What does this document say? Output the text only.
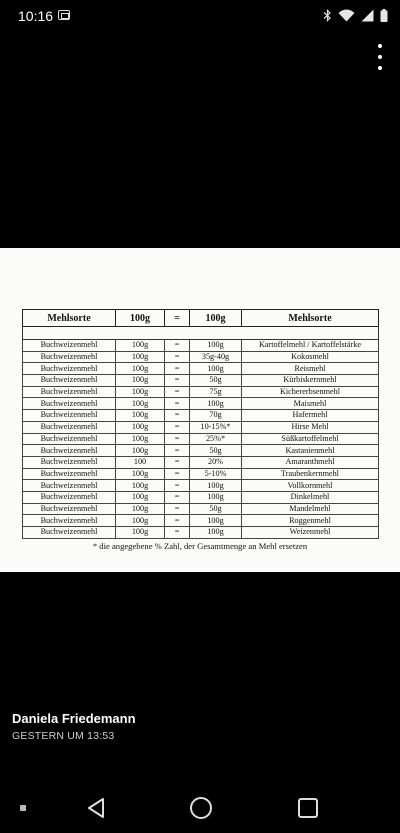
10:16
Mehlsorte	100g	=	100g	Mehlsorte

Buchweizenmehl	100g	=	100g	Kartoffelmehl / Kartoffelstärke
Buchweizenmehl	100g	=	35g-40g	Kokosmehl
Buchweizenmehl	100g	=	100g	Reismehl
Buchweizenmehl	100g	=	50g	Kürbiskernmehl
Buchweizenmehl	100g	=	75g	Kichererbsenmehl
Buchweizenmehl	100g	=	100g	Maismehl
Buchweizenmehl	100g	=	70g	Hafermehl
Buchweizenmehl	100g	=	10-15%*	Hirse Mehl
Buchweizenmehl	100g	=	25%*	Süßkartoffelmehl
Buchweizenmehl	100g	=	50g	Kastanienmehl
Buchweizenmehl	100	=	20%	Amaranthmehl
Buchweizenmehl	100g	=	5-10%	Traubenkernmehl
Buchweizenmehl	100g	=	100g	Vollkornmehl
Buchweizenmehl	100g	=	100g	Dinkelmehl
Buchweizenmehl	100g	=	50g	Mandelmehl
Buchweizenmehl	100g	=	100g	Roggenmehl
Buchweizenmehl	100g	=	100g	Weizenmehl
* die angegebene % Zahl, der Gesamtmenge an Mehl ersetzen
Daniela Friedemann
GESTERN UM 13:53
